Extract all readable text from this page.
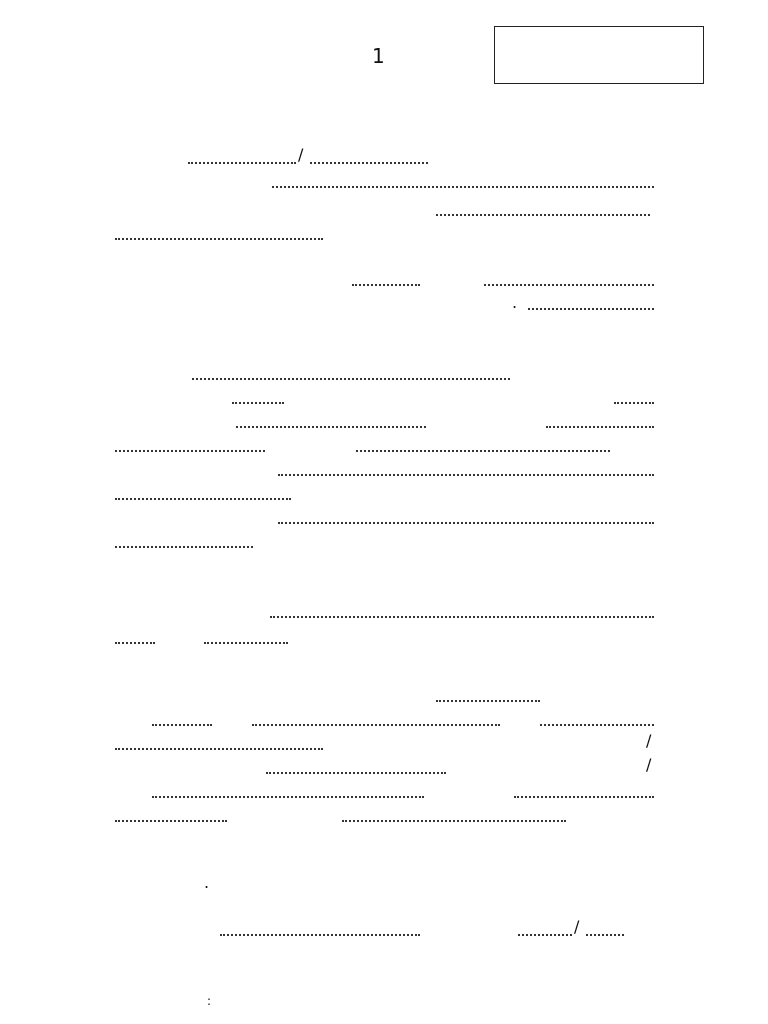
1
/
.
/
/
.
/
:
